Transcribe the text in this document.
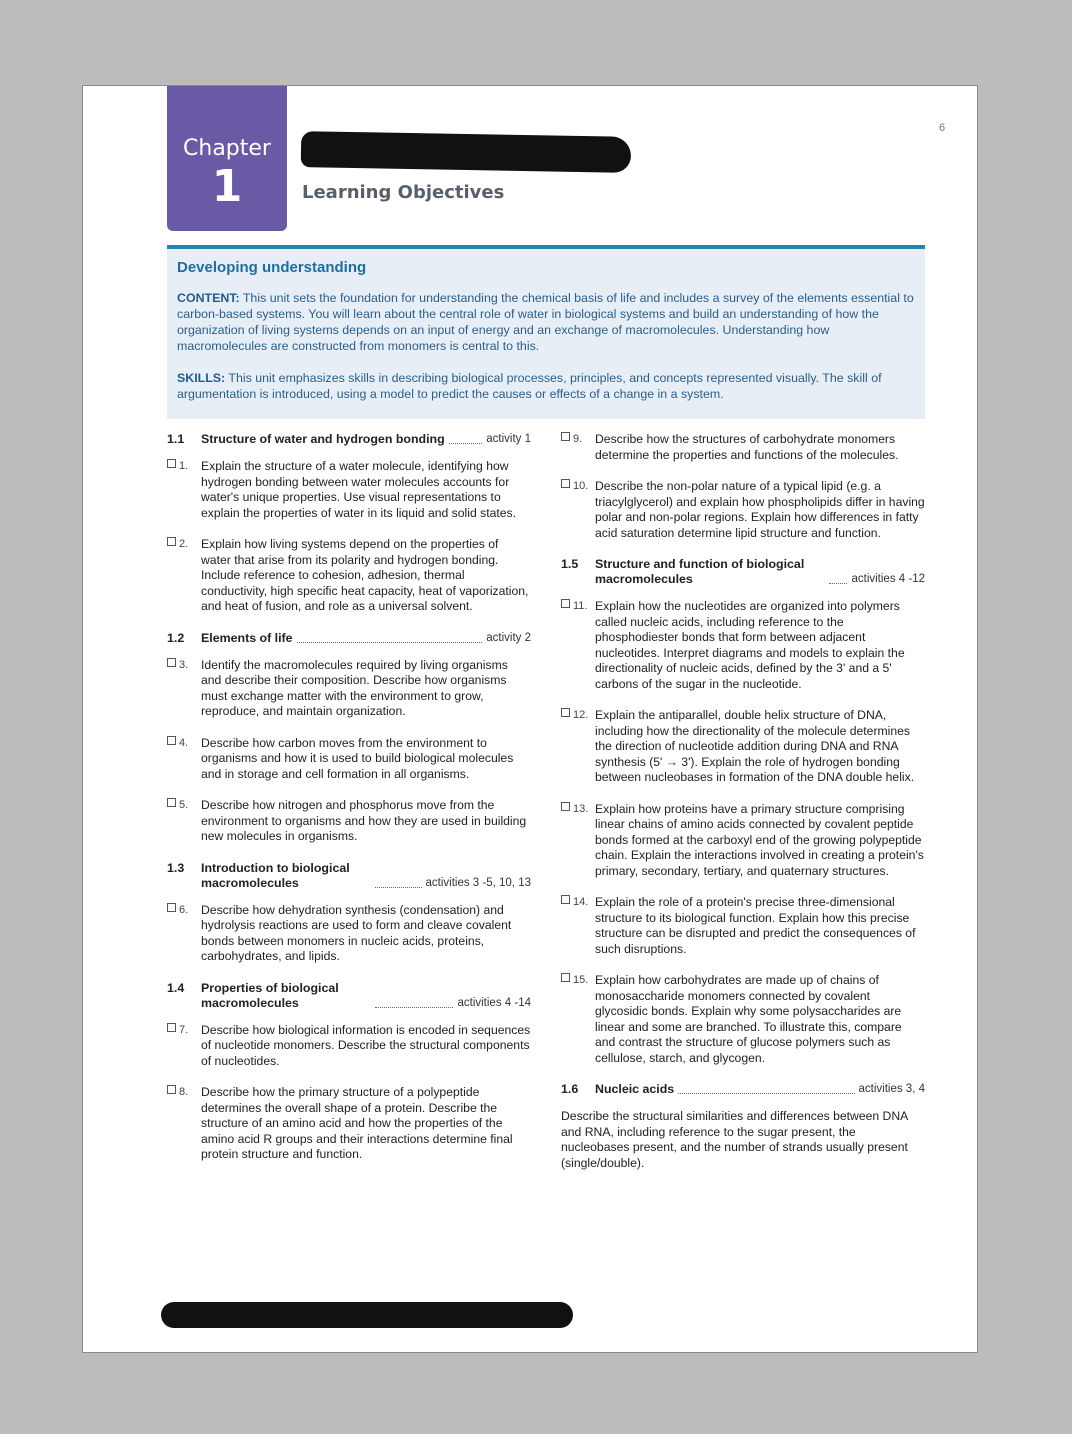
6
Chapter
1	Learning Objectives
Developing understanding

CONTENT: This unit sets the foundation for understanding the chemical basis of life and includes a survey of the elements essential to carbon-based systems. You will learn about the central role of water in biological systems and build an understanding of how the organization of living systems depends on an input of energy and an exchange of macromolecules. Understanding how macromolecules are constructed from monomers is central to this.

SKILLS: This unit emphasizes skills in describing biological processes, principles, and concepts represented visually. The skill of argumentation is introduced, using a model to predict the causes or effects of a change in a system.

1.1	Structure of water and hydrogen bonding	activity 1
1.	Explain the structure of a water molecule, identifying how hydrogen bonding between water molecules accounts for water's unique properties. Use visual representations to explain the properties of water in its liquid and solid states.
2.	Explain how living systems depend on the properties of water that arise from its polarity and hydrogen bonding. Include reference to cohesion, adhesion, thermal conductivity, high specific heat capacity, heat of vaporization, and heat of fusion, and role as a universal solvent.
1.2	Elements of life	activity 2
3.	Identify the macromolecules required by living organisms and describe their composition. Describe how organisms must exchange matter with the environment to grow, reproduce, and maintain organization.
4.	Describe how carbon moves from the environment to organisms and how it is used to build biological molecules and in storage and cell formation in all organisms.
5.	Describe how nitrogen and phosphorus move from the environment to organisms and how they are used in building new molecules in organisms.
1.3	Introduction to biological macromolecules	activities 3 -5, 10, 13
6.	Describe how dehydration synthesis (condensation) and hydrolysis reactions are used to form and cleave covalent bonds between monomers in nucleic acids, proteins, carbohydrates, and lipids.
1.4	Properties of biological macromolecules	activities 4 -14
7.	Describe how biological information is encoded in sequences of nucleotide monomers. Describe the structural components of nucleotides.
8.	Describe how the primary structure of a polypeptide determines the overall shape of a protein. Describe the structure of an amino acid and how the properties of the amino acid R groups and their interactions determine final protein structure and function.
9.	Describe how the structures of carbohydrate monomers determine the properties and functions of the molecules.
10. Describe the non-polar nature of a typical lipid (e.g. a triacylglycerol) and explain how phospholipids differ in having polar and non-polar regions. Explain how differences in fatty acid saturation determine lipid structure and function.
1.5	Structure and function of biological macromolecules	activities 4 -12
11. Explain how the nucleotides are organized into polymers called nucleic acids, including reference to the phosphodiester bonds that form between adjacent nucleotides. Interpret diagrams and models to explain the directionality of nucleic acids, defined by the 3' and a 5' carbons of the sugar in the nucleotide.
12. Explain the antiparallel, double helix structure of DNA, including how the directionality of the molecule determines the direction of nucleotide addition during DNA and RNA synthesis (5' → 3'). Explain the role of hydrogen bonding between nucleobases in formation of the DNA double helix.
13. Explain how proteins have a primary structure comprising linear chains of amino acids connected by covalent peptide bonds formed at the carboxyl end of the growing polypeptide chain. Explain the interactions involved in creating a protein's primary, secondary, tertiary, and quaternary structures.
14. Explain the role of a protein's precise three-dimensional structure to its biological function. Explain how this precise structure can be disrupted and predict the consequences of such disruptions.
15. Explain how carbohydrates are made up of chains of monosaccharide monomers connected by covalent glycosidic bonds. Explain why some polysaccharides are linear and some are branched. To illustrate this, compare and contrast the structure of glucose polymers such as cellulose, starch, and glycogen.
1.6	Nucleic acids	activities 3, 4
Describe the structural similarities and differences between DNA and RNA, including reference to the sugar present, the nucleobases present, and the number of strands usually present (single/double).
